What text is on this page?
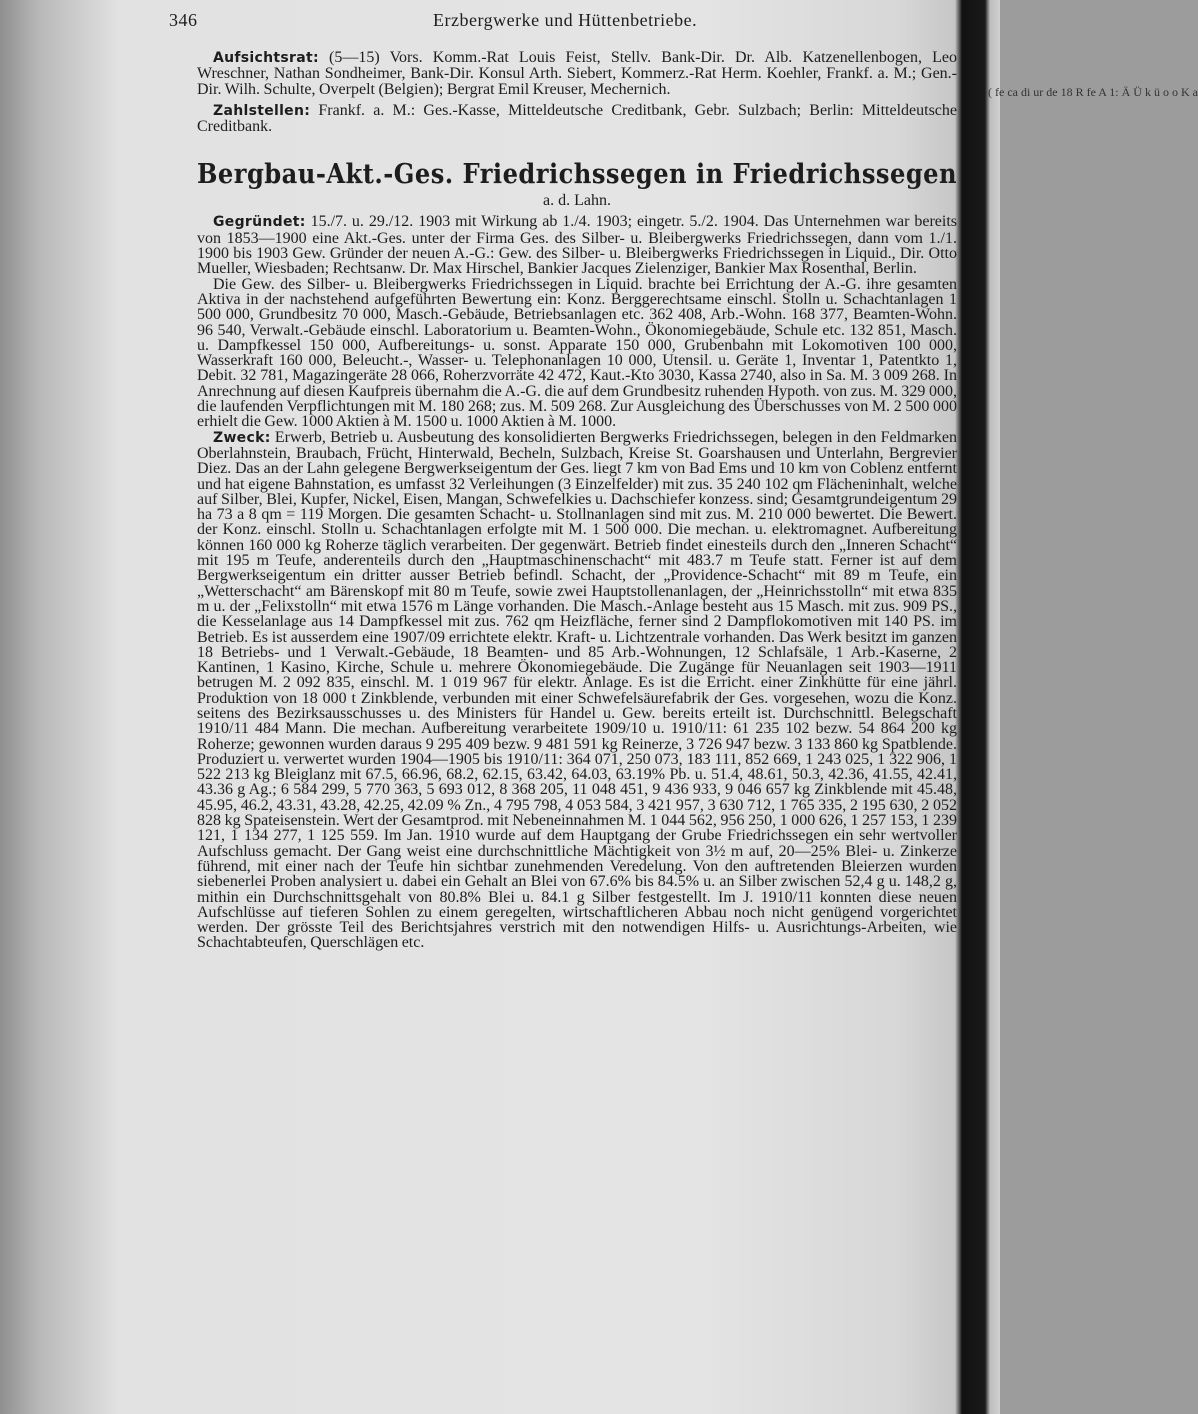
346	Erzbergwerke und Hüttenbetriebe.

Aufsichtsrat: (5—15) Vors. Komm.-Rat Louis Feist, Stellv. Bank-Dir. Dr. Alb. Katzenellenbogen, Leo Wreschner, Nathan Sondheimer, Bank-Dir. Konsul Arth. Siebert, Kommerz.-Rat Herm. Koehler, Frankf. a. M.; Gen.-Dir. Wilh. Schulte, Overpelt (Belgien); Bergrat Emil Kreuser, Mechernich.

Zahlstellen: Frankf. a. M.: Ges.-Kasse, Mitteldeutsche Creditbank, Gebr. Sulzbach; Berlin: Mitteldeutsche Creditbank.

Bergbau-Akt.-Ges. Friedrichssegen in Friedrichssegen
a. d. Lahn.

Gegründet: 15./7. u. 29./12. 1903 mit Wirkung ab 1./4. 1903; eingetr. 5./2. 1904. Das Unternehmen war bereits von 1853—1900 eine Akt.-Ges. unter der Firma Ges. des Silber- u. Bleibergwerks Friedrichssegen, dann vom 1./1. 1900 bis 1903 Gew. Gründer der neuen A.-G.: Gew. des Silber- u. Bleibergwerks Friedrichssegen in Liquid., Dir. Otto Mueller, Wiesbaden; Rechtsanw. Dr. Max Hirschel, Bankier Jacques Zielenziger, Bankier Max Rosenthal, Berlin.

Die Gew. des Silber- u. Bleibergwerks Friedrichssegen in Liquid. brachte bei Errichtung der A.-G. ihre gesamten Aktiva in der nachstehend aufgeführten Bewertung ein: Konz. Berggerechtsame einschl. Stolln u. Schachtanlagen 1 500 000, Grundbesitz 70 000, Masch.-Gebäude, Betriebsanlagen etc. 362 408, Arb.-Wohn. 168 377, Beamten-Wohn. 96 540, Verwalt.-Gebäude einschl. Laboratorium u. Beamten-Wohn., Ökonomiegebäude, Schule etc. 132 851, Masch. u. Dampfkessel 150 000, Aufbereitungs- u. sonst. Apparate 150 000, Grubenbahn mit Lokomotiven 100 000, Wasserkraft 160 000, Beleucht.-, Wasser- u. Telephonanlagen 10 000, Utensil. u. Geräte 1, Inventar 1, Patentkto 1, Debit. 32 781, Magazingeräte 28 066, Roherzvorräte 42 472, Kaut.-Kto 3030, Kassa 2740, also in Sa. M. 3 009 268. In Anrechnung auf diesen Kaufpreis übernahm die A.-G. die auf dem Grundbesitz ruhenden Hypoth. von zus. M. 329 000, die laufenden Verpflichtungen mit M. 180 268; zus. M. 509 268. Zur Ausgleichung des Überschusses von M. 2 500 000 erhielt die Gew. 1000 Aktien à M. 1500 u. 1000 Aktien à M. 1000.

Zweck: Erwerb, Betrieb u. Ausbeutung des konsolidierten Bergwerks Friedrichssegen, belegen in den Feldmarken Oberlahnstein, Braubach, Frücht, Hinterwald, Becheln, Sulzbach, Kreise St. Goarshausen und Unterlahn, Bergrevier Diez. Das an der Lahn gelegene Bergwerkseigentum der Ges. liegt 7 km von Bad Ems und 10 km von Coblenz entfernt und hat eigene Bahnstation, es umfasst 32 Verleihungen (3 Einzelfelder) mit zus. 35 240 102 qm Flächeninhalt, welche auf Silber, Blei, Kupfer, Nickel, Eisen, Mangan, Schwefelkies u. Dachschiefer konzess. sind; Gesamtgrundeigentum 29 ha 73 a 8 qm = 119 Morgen. Die gesamten Schacht- u. Stollnanlagen sind mit zus. M. 210 000 bewertet. Die Bewert. der Konz. einschl. Stolln u. Schachtanlagen erfolgte mit M. 1 500 000. Die mechan. u. elektromagnet. Aufbereitung können 160 000 kg Roherze täglich verarbeiten. Der gegenwärt. Betrieb findet einesteils durch den „Inneren Schacht“ mit 195 m Teufe, anderenteils durch den „Hauptmaschinenschacht“ mit 483.7 m Teufe statt. Ferner ist auf dem Bergwerkseigentum ein dritter ausser Betrieb befindl. Schacht, der „Providence-Schacht“ mit 89 m Teufe, ein „Wetterschacht“ am Bärenskopf mit 80 m Teufe, sowie zwei Hauptstollenanlagen, der „Heinrichsstolln“ mit etwa 835 m u. der „Felixstolln“ mit etwa 1576 m Länge vorhanden. Die Masch.-Anlage besteht aus 15 Masch. mit zus. 909 PS., die Kesselanlage aus 14 Dampfkessel mit zus. 762 qm Heizfläche, ferner sind 2 Dampflokomotiven mit 140 PS. im Betrieb. Es ist ausserdem eine 1907/09 errichtete elektr. Kraft- u. Lichtzentrale vorhanden. Das Werk besitzt im ganzen 18 Betriebs- und 1 Verwalt.-Gebäude, 18 Beamten- und 85 Arb.-Wohnungen, 12 Schlafsäle, 1 Arb.-Kaserne, 2 Kantinen, 1 Kasino, Kirche, Schule u. mehrere Ökonomiegebäude. Die Zugänge für Neuanlagen seit 1903—1911 betrugen M. 2 092 835, einschl. M. 1 019 967 für elektr. Anlage. Es ist die Erricht. einer Zinkhütte für eine jährl. Produktion von 18 000 t Zinkblende, verbunden mit einer Schwefelsäurefabrik der Ges. vorgesehen, wozu die Konz. seitens des Bezirksausschusses u. des Ministers für Handel u. Gew. bereits erteilt ist. Durchschnittl. Belegschaft 1910/11 484 Mann. Die mechan. Aufbereitung verarbeitete 1909/10 u. 1910/11: 61 235 102 bezw. 54 864 200 kg Roherze; gewonnen wurden daraus 9 295 409 bezw. 9 481 591 kg Reinerze, 3 726 947 bezw. 3 133 860 kg Spatblende. Produziert u. verwertet wurden 1904—1905 bis 1910/11: 364 071, 250 073, 183 111, 852 669, 1 243 025, 1 322 906, 1 522 213 kg Bleiglanz mit 67.5, 66.96, 68.2, 62.15, 63.42, 64.03, 63.19% Pb. u. 51.4, 48.61, 50.3, 42.36, 41.55, 42.41, 43.36 g Ag.; 6 584 299, 5 770 363, 5 693 012, 8 368 205, 11 048 451, 9 436 933, 9 046 657 kg Zinkblende mit 45.48, 45.95, 46.2, 43.31, 43.28, 42.25, 42.09 % Zn., 4 795 798, 4 053 584, 3 421 957, 3 630 712, 1 765 335, 2 195 630, 2 052 828 kg Spateisenstein. Wert der Gesamtprod. mit Nebeneinnahmen M. 1 044 562, 956 250, 1 000 626, 1 257 153, 1 239 121, 1 134 277, 1 125 559. Im Jan. 1910 wurde auf dem Hauptgang der Grube Friedrichssegen ein sehr wertvoller Aufschluss gemacht. Der Gang weist eine durchschnittliche Mächtigkeit von 3½ m auf, 20—25% Blei- u. Zinkerze führend, mit einer nach der Teufe hin sichtbar zunehmenden Veredelung. Von den auftretenden Bleierzen wurden siebenerlei Proben analysiert u. dabei ein Gehalt an Blei von 67.6% bis 84.5% u. an Silber zwischen 52,4 g u. 148,2 g, mithin ein Durchschnittsgehalt von 80.8% Blei u. 84.1 g Silber festgestellt. Im J. 1910/11 konnten diese neuen Aufschlüsse auf tieferen Sohlen zu einem geregelten, wirtschaftlicheren Abbau noch nicht genügend vorgerichtet werden. Der grösste Teil des Berichtsjahres verstrich mit den notwendigen Hilfs- u. Ausrichtungs-Arbeiten, wie Schachtabteufen, Querschlägen etc.

( fe ca di ur de 18 R fe A 1: Ä Ü k ü o o K a
